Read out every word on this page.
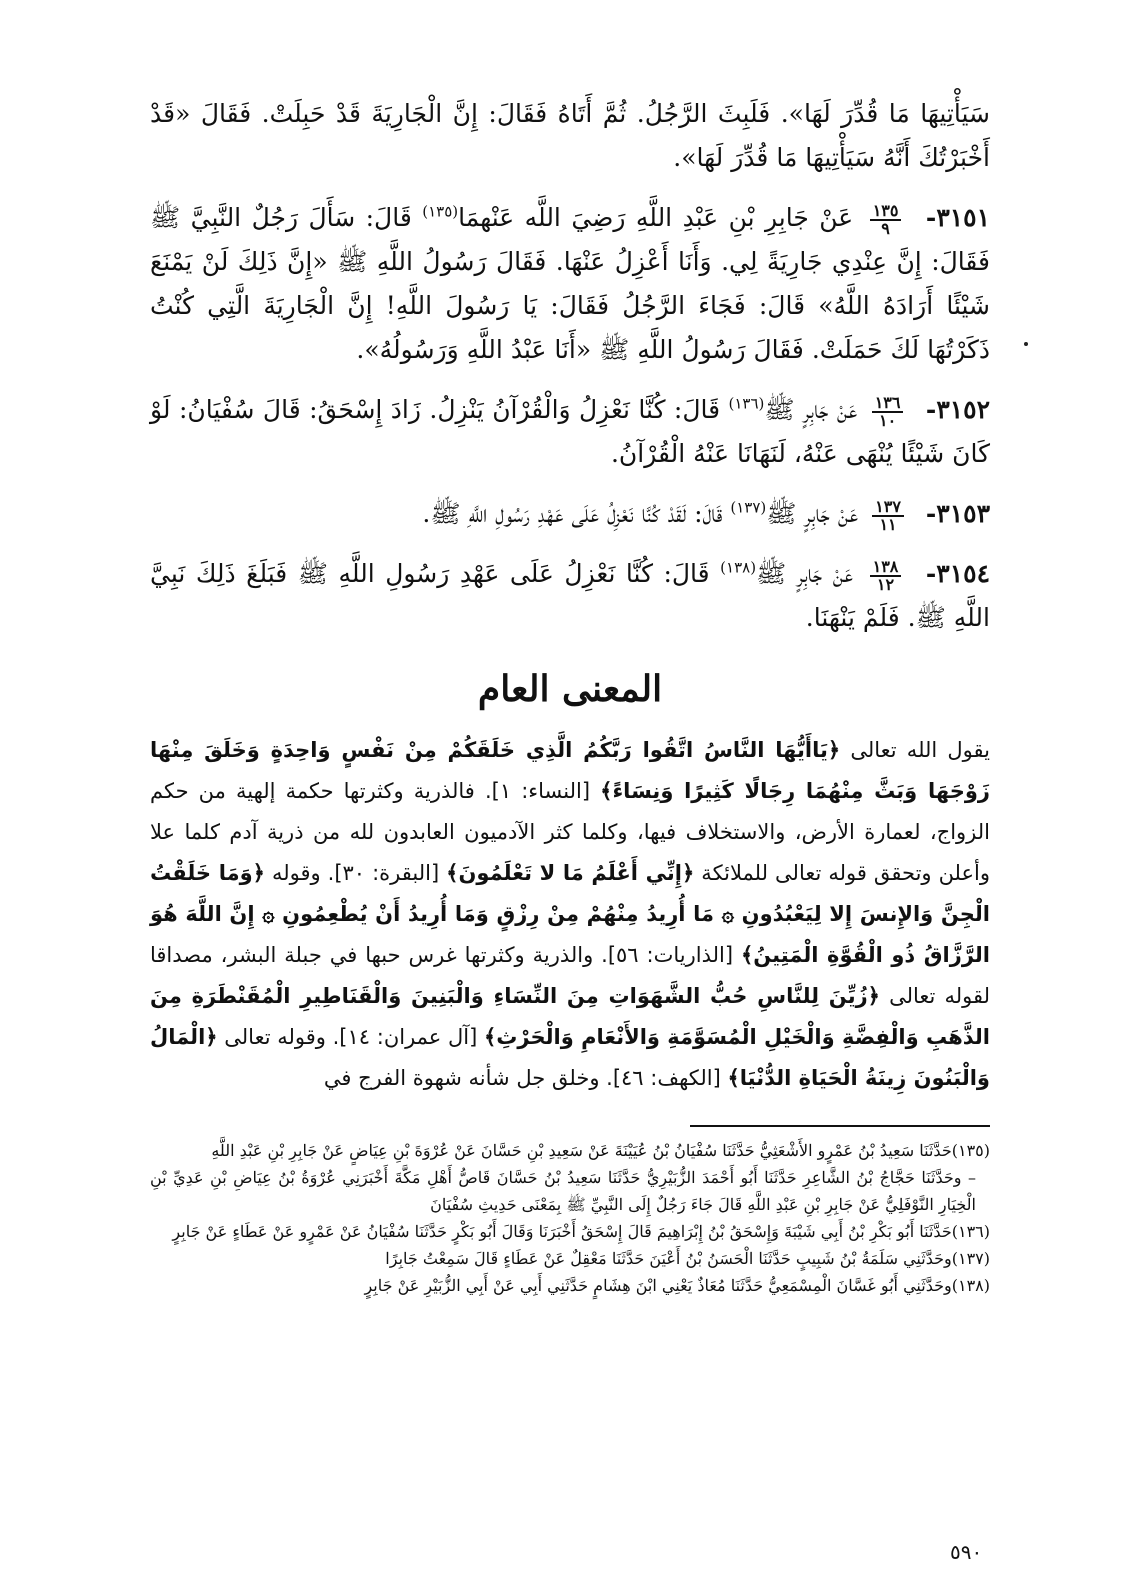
سَيَأْتِيهَا مَا قُدِّرَ لَهَا». فَلَبِثَ الرَّجُلُ. ثُمَّ أَتَاهُ فَقَالَ: إِنَّ الْجَارِيَةَ قَدْ حَبِلَتْ. فَقَالَ «قَدْ أَخْبَرْتُكَ أَنَّهُ سَيَأْتِيهَا مَا قُدِّرَ لَهَا».

٣١٥١-
$\frac{١٣٥}{٩}$
عَنْ جَابِرِ بْنِ عَبْدِ اللَّهِ رَضِيَ اللَّه عَنْهمَا$^{(١٣٥)}$ قَالَ: سَأَلَ رَجُلٌ النَّبِيَّ ﷺ فَقَالَ: إِنَّ عِنْدِي جَارِيَةً لِي. وَأَنَا أَعْزِلُ عَنْهَا. فَقَالَ رَسُولُ اللَّهِ ﷺ «إِنَّ ذَلِكَ لَنْ يَمْنَعَ شَيْئًا أَرَادَهُ اللَّهُ» قَالَ: فَجَاءَ الرَّجُلُ فَقَالَ: يَا رَسُولَ اللَّهِ! إِنَّ الْجَارِيَةَ الَّتِي كُنْتُ ذَكَرْتُهَا لَكَ حَمَلَتْ. فَقَالَ رَسُولُ اللَّهِ ﷺ «أَنَا عَبْدُ اللَّهِ وَرَسُولُهُ».

٣١٥٢-
$\frac{١٣٦}{١٠}$
عَنْ جَابِرٍ ﷺ$^{(١٣٦)}$ قَالَ: كُنَّا نَعْزِلُ وَالْقُرْآنُ يَنْزِلُ. زَادَ إِسْحَقُ: قَالَ سُفْيَانُ: لَوْ كَانَ شَيْئًا يُنْهَى عَنْهُ، لَنَهَانَا عَنْهُ الْقُرْآنُ.

٣١٥٣-
$\frac{١٣٧}{١١}$
عَنْ جَابِرٍ ﷺ$^{(١٣٧)}$ قَالَ: لَقَدْ كُنَّا نَعْزِلُ عَلَى عَهْدِ رَسُولِ اللَّهِ ﷺ.

٣١٥٤-
$\frac{١٣٨}{١٢}$
عَنْ جَابِرٍ ﷺ$^{(١٣٨)}$ قَالَ: كُنَّا نَعْزِلُ عَلَى عَهْدِ رَسُولِ اللَّهِ ﷺ فَبَلَغَ ذَلِكَ نَبِيَّ اللَّهِ ﷺ. فَلَمْ يَنْهَنَا.

المعنى العام

يقول الله تعالى ﴿يَاأَيُّهَا النَّاسُ اتَّقُوا رَبَّكُمُ الَّذِي خَلَقَكُمْ مِنْ نَفْسٍ وَاحِدَةٍ وَخَلَقَ مِنْهَا زَوْجَهَا وَبَثَّ مِنْهُمَا رِجَالًا كَثِيرًا وَنِسَاءً﴾ [النساء: ١]. فالذرية وكثرتها حكمة إلهية من حكم الزواج، لعمارة الأرض، والاستخلاف فيها، وكلما كثر الآدميون العابدون لله من ذرية آدم كلما علا وأعلن وتحقق قوله تعالى للملائكة ﴿إِنِّي أَعْلَمُ مَا لا تَعْلَمُونَ﴾ [البقرة: ٣٠]. وقوله ﴿وَمَا خَلَقْتُ الْجِنَّ وَالإِنسَ إِلا لِيَعْبُدُونِ ۞ مَا أُرِيدُ مِنْهُمْ مِنْ رِزْقٍ وَمَا أُرِيدُ أَنْ يُطْعِمُونِ ۞ إِنَّ اللَّهَ هُوَ الرَّزَّاقُ ذُو الْقُوَّةِ الْمَتِينُ﴾ [الذاريات: ٥٦]. والذرية وكثرتها غرس حبها في جبلة البشر، مصداقا لقوله تعالى ﴿زُيِّنَ لِلنَّاسِ حُبُّ الشَّهَوَاتِ مِنَ النِّسَاءِ وَالْبَنِينَ وَالْقَنَاطِيرِ الْمُقَنْطَرَةِ مِنَ الذَّهَبِ وَالْفِضَّةِ وَالْخَيْلِ الْمُسَوَّمَةِ وَالأَنْعَامِ وَالْحَرْثِ﴾ [آل عمران: ١٤]. وقوله تعالى ﴿الْمَالُ وَالْبَنُونَ زِينَةُ الْحَيَاةِ الدُّنْيَا﴾ [الكهف: ٤٦]. وخلق جل شأنه شهوة الفرج في

(١٣٥)حَدَّثَنَا سَعِيدُ بْنُ عَمْرٍو الأَشْعَثِيُّ حَدَّثَنَا سُفْيَانُ بْنُ عُيَيْنَةَ عَنْ سَعِيدِ بْنِ حَسَّانَ عَنْ عُرْوَةَ بْنِ عِيَاضٍ عَنْ جَابِرِ بْنِ عَبْدِ اللَّهِ
– وحَدَّثَنَا حَجَّاجُ بْنُ الشَّاعِرِ حَدَّثَنَا أَبُو أَحْمَدَ الزُّبَيْرِيُّ حَدَّثَنَا سَعِيدُ بْنُ حَسَّانَ قَاصُّ أَهْلِ مَكَّةَ أَخْبَرَنِي عُرْوَةُ بْنُ عِيَاضِ بْنِ عَدِيِّ بْنِ الْخِيَارِ النَّوْفَلِيُّ عَنْ جَابِرِ بْنِ عَبْدِ اللَّهِ قَالَ جَاءَ رَجُلٌ إِلَى النَّبِيِّ ﷺ بِمَعْنَى حَدِيثِ سُفْيَانَ

(١٣٦)حَدَّثَنَا أَبُو بَكْرِ بْنُ أَبِي شَيْبَةَ وَإِسْحَقُ بْنُ إِبْرَاهِيمَ قَالَ إِسْحَقُ أَخْبَرَنَا وَقَالَ أَبُو بَكْرٍ حَدَّثَنَا سُفْيَانُ عَنْ عَمْرٍو عَنْ عَطَاءٍ عَنْ جَابِرٍ

(١٣٧)وحَدَّثَنِي سَلَمَةُ بْنُ شَبِيبٍ حَدَّثَنَا الْحَسَنُ بْنُ أَعْيَنَ حَدَّثَنَا مَعْقِلٌ عَنْ عَطَاءٍ قَالَ سَمِعْتُ جَابِرًا

(١٣٨)وحَدَّثَنِي أَبُو غَسَّانَ الْمِسْمَعِيُّ حَدَّثَنَا مُعَاذٌ يَعْنِي ابْنَ هِشَامٍ حَدَّثَنِي أَبِي عَنْ أَبِي الزُّبَيْرِ عَنْ جَابِرٍ

٥٩٠
